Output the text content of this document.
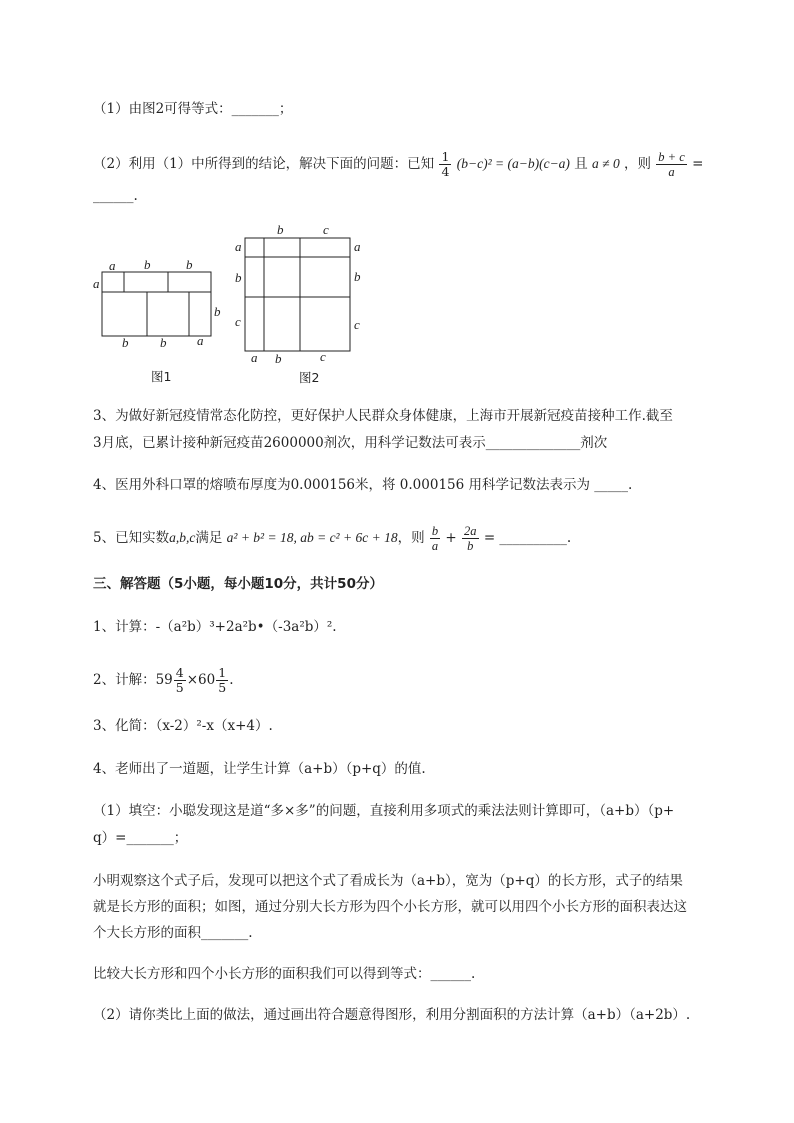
（1）由图2可得等式：_______；
（2）利用（1）中所得到的结论，解决下面的问题：已知 $\frac{1}{4} (b-c)^2 = (a-b)(c-a)$ 且 a ≠ 0 ，则 $\frac{b + c}{a}$ =
______.
a b	b
a
b
b b a
图1
b	c
a
b
c
a
b
c
a b	c
图2
3、为做好新冠疫情常态化防控，更好保护人民群众身体健康，上海市开展新冠疫苗接种工作.截至
3月底，已累计接种新冠疫苗2600000剂次，用科学记数法可表示______________剂次
4、医用外科口罩的熔喷布厚度为0.000156米，将 0.000156 用科学记数法表示为 _____.
5、已知实数a,b,c满足 a² + b² = 18, ab = c² + 6c + 18，则 $\frac{b}{a} + \frac{2a}{b}$ = __________.
三、解答题（5小题，每小题10分，共计50分）
1、计算：-（a²b）³+2a²b•（-3a²b）².
2、计解：$59 \frac{4}{5} \times 60 \frac{1}{5}$ .
3、化简：（x-2）²-x（x+4）.
4、老师出了一道题，让学生计算（a+b）（p+q）的值.
（1）填空：小聪发现这是道“多×多”的问题，直接利用多项式的乘法法则计算即可，（a+b）（p+
q）=_______；
小明观察这个式子后，发现可以把这个式了看成长为（a+b），宽为（p+q）的长方形，式子的结果
就是长方形的面积；如图，通过分别大长方形为四个小长方形，就可以用四个小长方形的面积表达这
个大长方形的面积_______.
比较大长方形和四个小长方形的面积我们可以得到等式：______.
（2）请你类比上面的做法，通过画出符合题意得图形，利用分割面积的方法计算（a+b）（a+2b）.
